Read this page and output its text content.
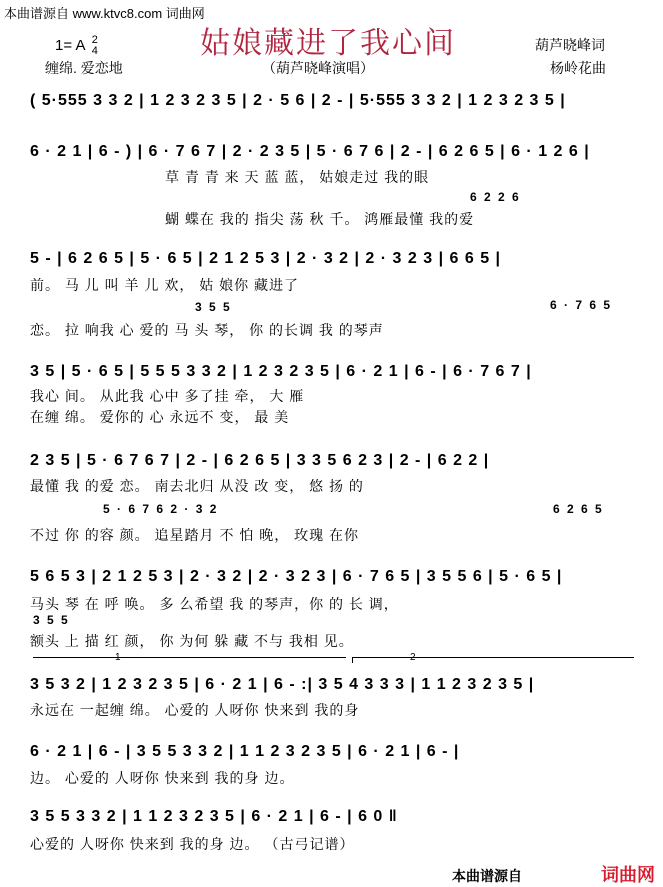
本曲谱源自 www.ktvc8.com 词曲网
姑娘藏进了我心间
1= A 2
4
缠绵. 爱恋地	（葫芦晓峰演唱）
葫芦晓峰词
杨岭花曲
( 5·555 3 3 2 | 1 2 3 2 3 5 | 2 · 5 6 | 2 - | 5·555 3 3 2 | 1 2 3 2 3 5 |
6 · 2 1 | 6 - ) | 6 · 7 6 7 | 2 · 2 3 5 | 5 · 6 7 6 | 2 - | 6 2 6 5 | 6 · 1 2 6 |
草 青 青 来 天 蓝 蓝， 姑娘走过 我的眼
6 2 2 6
蝴 蝶在 我的 指尖 荡 秋 千。 鸿雁最懂 我的爱
5 - | 6 2 6 5 | 5 · 6 5 | 2 1 2 5 3 | 2 · 3 2 | 2 · 3 2 3 | 6 6 5 |
前。 马 儿 叫 羊 儿 欢， 姑 娘你 藏进了
3 5 5	6 · 7 6 5
恋。 拉 响我 心 爱的 马 头 琴， 你 的长调 我 的琴声
3 5 | 5 · 6 5 | 5 5 5 3 3 2 | 1 2 3 2 3 5 | 6 · 2 1 | 6 - | 6 · 7 6 7 |
我心 间。 从此我 心中 多了挂 牵， 大 雁
在缠 绵。 爱你的 心 永远不 变， 最 美
2 3 5 | 5 · 6 7 6 7 | 2 - | 6 2 6 5 | 3 3 5 6 2 3 | 2 - | 6 2 2 |
最懂 我 的爱 恋。 南去北归 从没 改 变， 悠 扬 的
5 · 6 7 6 2 · 3 2	6 2 6 5
不过 你 的容 颜。 追星踏月 不 怕 晚， 玫瑰 在你
5 6 5 3 | 2 1 2 5 3 | 2 · 3 2 | 2 · 3 2 3 | 6 · 7 6 5 | 3 5 5 6 | 5 · 6 5 |
马头 琴 在 呼 唤。 多 么希望 我 的琴声，你 的 长 调，
3 5 5
额头 上 描 红 颜， 你 为何 躲 藏 不与 我相 见。
1	2
3 5 3 2 | 1 2 3 2 3 5 | 6 · 2 1 | 6 - :| 3 5 4 3 3 3 | 1 1 2 3 2 3 5 |
永远在 一起缠 绵。 心爱的 人呀你 快来到 我的身
6 · 2 1 | 6 - | 3 5 5 3 3 2 | 1 1 2 3 2 3 5 | 6 · 2 1 | 6 - |
边。 心爱的 人呀你 快来到 我的身 边。
3 5 5 3 3 2 | 1 1 2 3 2 3 5 | 6 · 2 1 | 6 - | 6 0 ‖
心爱的 人呀你 快来到 我的身 边。 （古弓记谱）
本曲谱源自	词曲网
